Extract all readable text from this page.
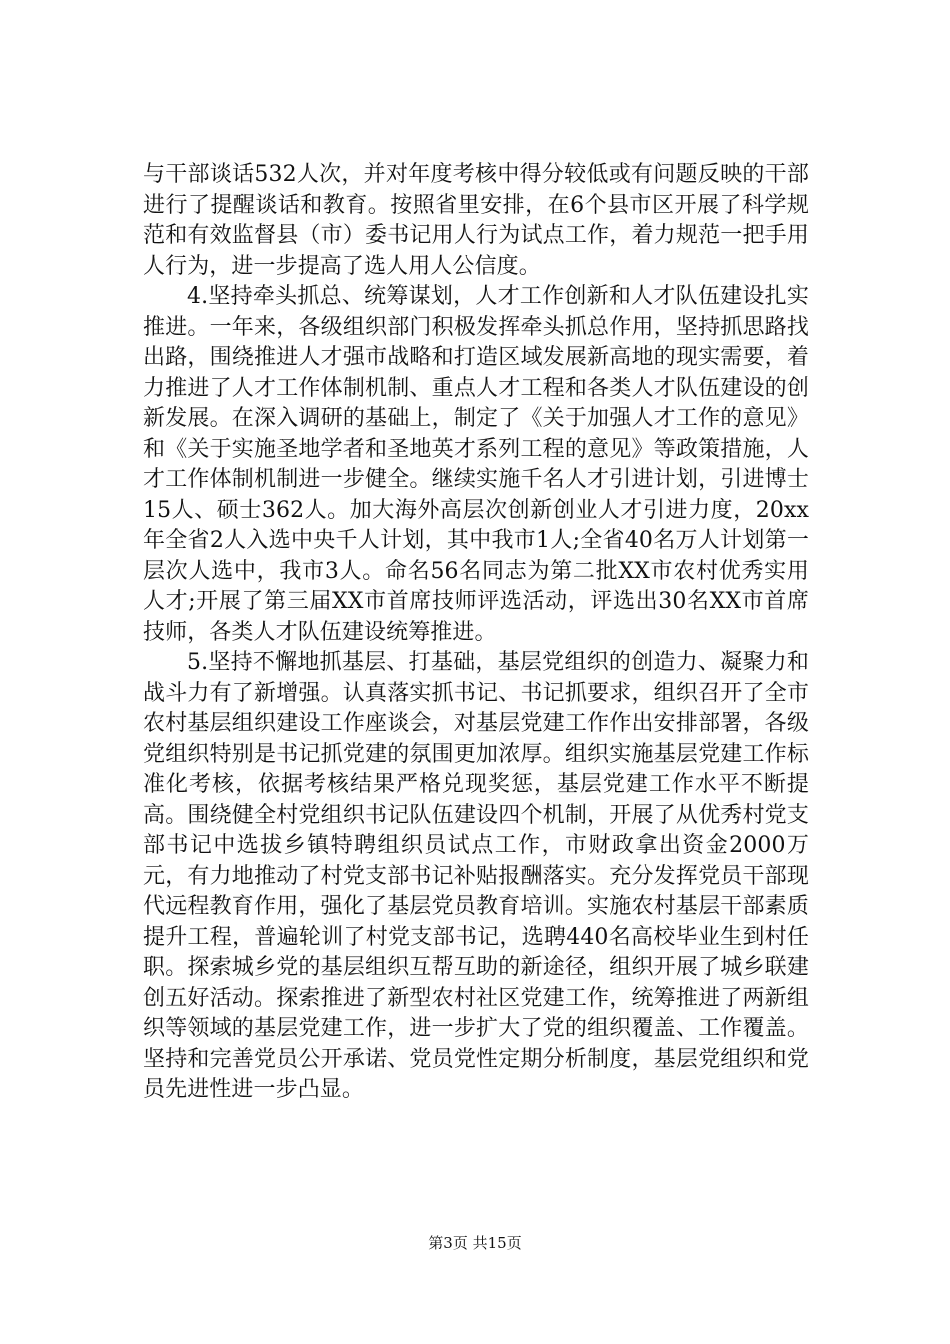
与干部谈话532人次，并对年度考核中得分较低或有问题反映的干部进行了提醒谈话和教育。按照省里安排，在6个县市区开展了科学规范和有效监督县（市）委书记用人行为试点工作，着力规范一把手用人行为，进一步提高了选人用人公信度。

4.坚持牵头抓总、统筹谋划，人才工作创新和人才队伍建设扎实推进。一年来，各级组织部门积极发挥牵头抓总作用，坚持抓思路找出路，围绕推进人才强市战略和打造区域发展新高地的现实需要，着力推进了人才工作体制机制、重点人才工程和各类人才队伍建设的创新发展。在深入调研的基础上，制定了《关于加强人才工作的意见》和《关于实施圣地学者和圣地英才系列工程的意见》等政策措施，人才工作体制机制进一步健全。继续实施千名人才引进计划，引进博士15人、硕士362人。加大海外高层次创新创业人才引进力度，20xx年全省2人入选中央千人计划，其中我市1人;全省40名万人计划第一层次人选中，我市3人。命名56名同志为第二批XX市农村优秀实用人才;开展了第三届XX市首席技师评选活动，评选出30名XX市首席技师，各类人才队伍建设统筹推进。

5.坚持不懈地抓基层、打基础，基层党组织的创造力、凝聚力和战斗力有了新增强。认真落实抓书记、书记抓要求，组织召开了全市农村基层组织建设工作座谈会，对基层党建工作作出安排部署，各级党组织特别是书记抓党建的氛围更加浓厚。组织实施基层党建工作标准化考核，依据考核结果严格兑现奖惩，基层党建工作水平不断提高。围绕健全村党组织书记队伍建设四个机制，开展了从优秀村党支部书记中选拔乡镇特聘组织员试点工作，市财政拿出资金2000万元，有力地推动了村党支部书记补贴报酬落实。充分发挥党员干部现代远程教育作用，强化了基层党员教育培训。实施农村基层干部素质提升工程，普遍轮训了村党支部书记，选聘440名高校毕业生到村任职。探索城乡党的基层组织互帮互助的新途径，组织开展了城乡联建创五好活动。探索推进了新型农村社区党建工作，统筹推进了两新组织等领域的基层党建工作，进一步扩大了党的组织覆盖、工作覆盖。坚持和完善党员公开承诺、党员党性定期分析制度，基层党组织和党员先进性进一步凸显。

第3页 共15页
